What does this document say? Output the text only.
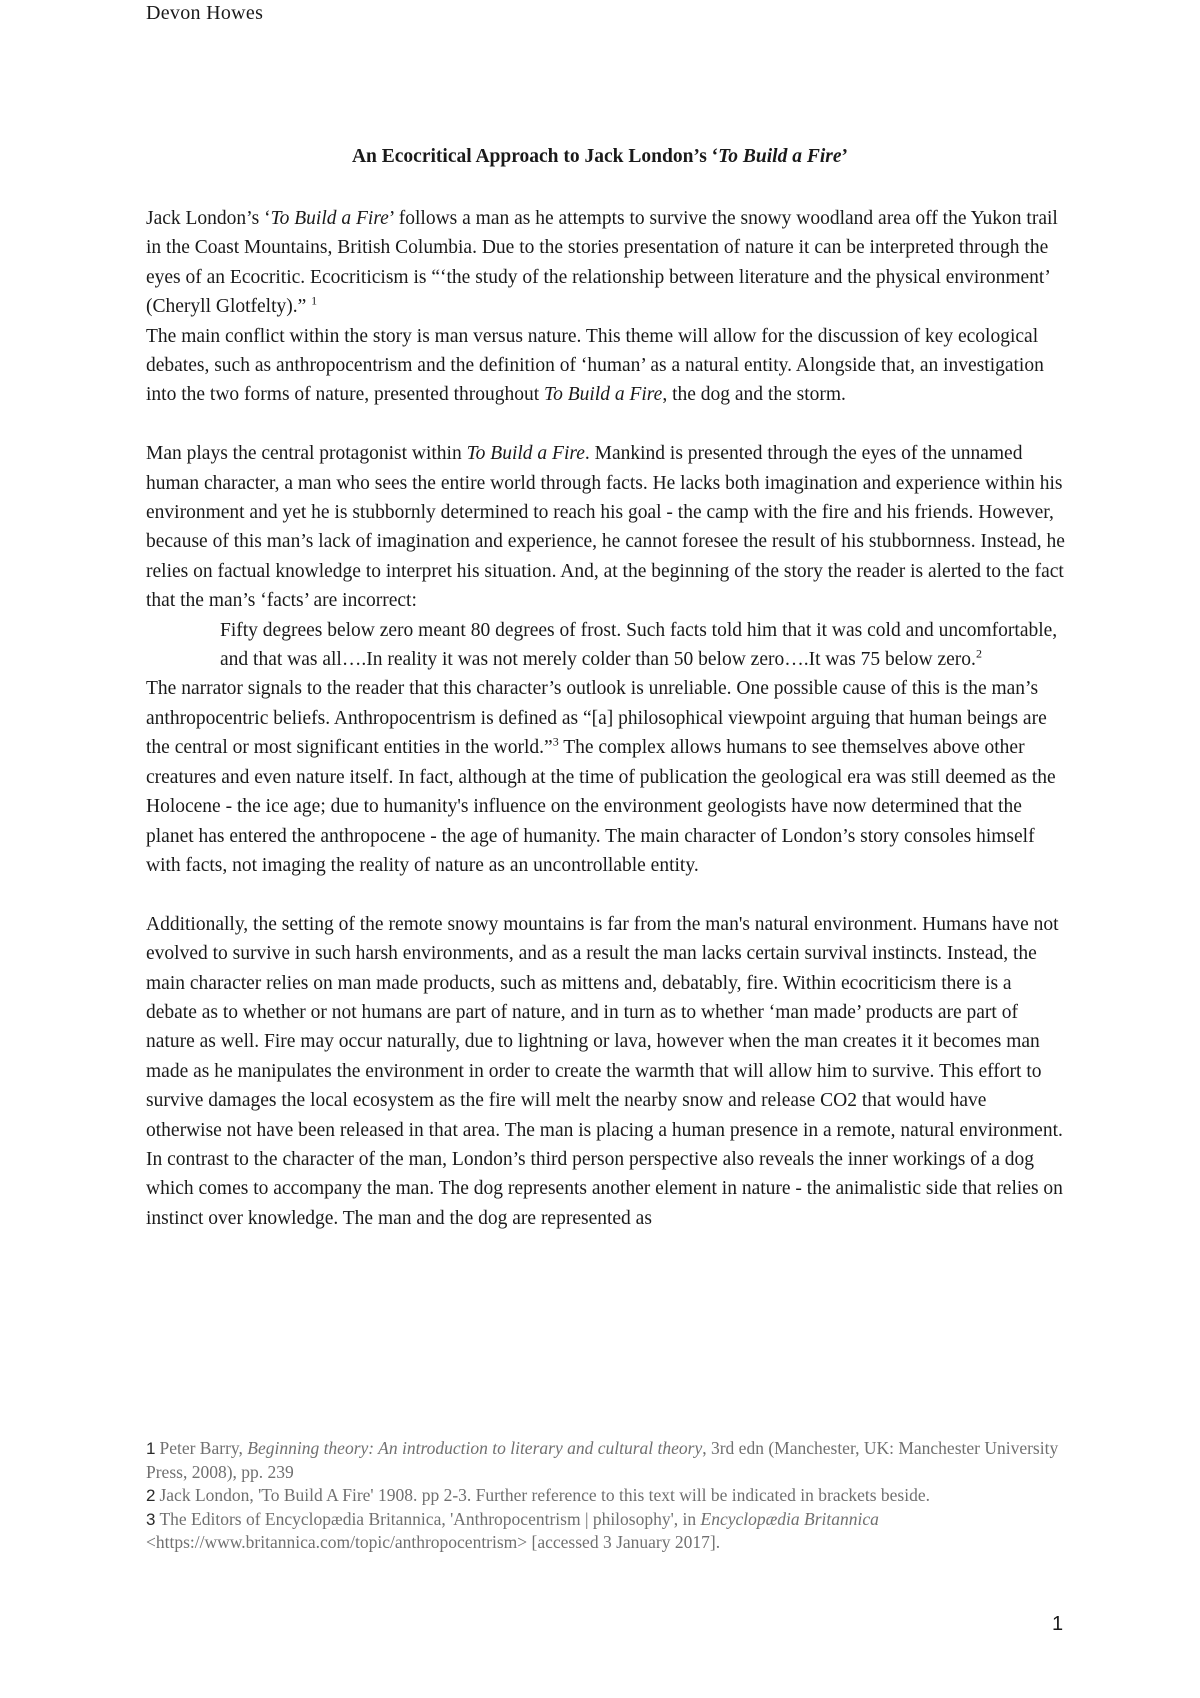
Devon Howes
An Ecocritical Approach to Jack London’s ‘To Build a Fire’

Jack London’s ‘To Build a Fire’ follows a man as he attempts to survive the snowy woodland area off the Yukon trail in the Coast Mountains, British Columbia. Due to the stories presentation of nature it can be interpreted through the eyes of an Ecocritic. Ecocriticism is “‘the study of the relationship between literature and the physical environment’ (Cheryll Glotfelty).” $^1$

The main conflict within the story is man versus nature. This theme will allow for the discussion of key ecological debates, such as anthropocentrism and the definition of ‘human’ as a natural entity. Alongside that, an investigation into the two forms of nature, presented throughout To Build a Fire, the dog and the storm.

Man plays the central protagonist within To Build a Fire. Mankind is presented through the eyes of the unnamed human character, a man who sees the entire world through facts. He lacks both imagination and experience within his environment and yet he is stubbornly determined to reach his goal - the camp with the fire and his friends. However, because of this man’s lack of imagination and experience, he cannot foresee the result of his stubbornness. Instead, he relies on factual knowledge to interpret his situation. And, at the beginning of the story the reader is alerted to the fact that the man’s ‘facts’ are incorrect:

Fifty degrees below zero meant 80 degrees of frost. Such facts told him that it was cold and uncomfortable, and that was all….In reality it was not merely colder than 50 below zero….It was 75 below zero.$^2$

The narrator signals to the reader that this character’s outlook is unreliable. One possible cause of this is the man’s anthropocentric beliefs. Anthropocentrism is defined as “[a] philosophical viewpoint arguing that human beings are the central or most significant entities in the world.”$^3$ The complex allows humans to see themselves above other creatures and even nature itself. In fact, although at the time of publication the geological era was still deemed as the Holocene - the ice age; due to humanity's influence on the environment geologists have now determined that the planet has entered the anthropocene - the age of humanity. The main character of London’s story consoles himself with facts, not imaging the reality of nature as an uncontrollable entity.

Additionally, the setting of the remote snowy mountains is far from the man's natural environment. Humans have not evolved to survive in such harsh environments, and as a result the man lacks certain survival instincts. Instead, the main character relies on man made products, such as mittens and, debatably, fire. Within ecocriticism there is a debate as to whether or not humans are part of nature, and in turn as to whether ‘man made’ products are part of nature as well. Fire may occur naturally, due to lightning or lava, however when the man creates it it becomes man made as he manipulates the environment in order to create the warmth that will allow him to survive. This effort to survive damages the local ecosystem as the fire will melt the nearby snow and release CO2 that would have otherwise not have been released in that area. The man is placing a human presence in a remote, natural environment.

In contrast to the character of the man, London’s third person perspective also reveals the inner workings of a dog which comes to accompany the man. The dog represents another element in nature - the animalistic side that relies on instinct over knowledge. The man and the dog are represented as

1 Peter Barry, Beginning theory: An introduction to literary and cultural theory, 3rd edn (Manchester, UK: Manchester University Press, 2008), pp. 239

2 Jack London, 'To Build A Fire' 1908. pp 2-3. Further reference to this text will be indicated in brackets beside.

3 The Editors of Encyclopædia Britannica, 'Anthropocentrism | philosophy', in Encyclopædia Britannica <https://www.britannica.com/topic/anthropocentrism> [accessed 3 January 2017].

1
